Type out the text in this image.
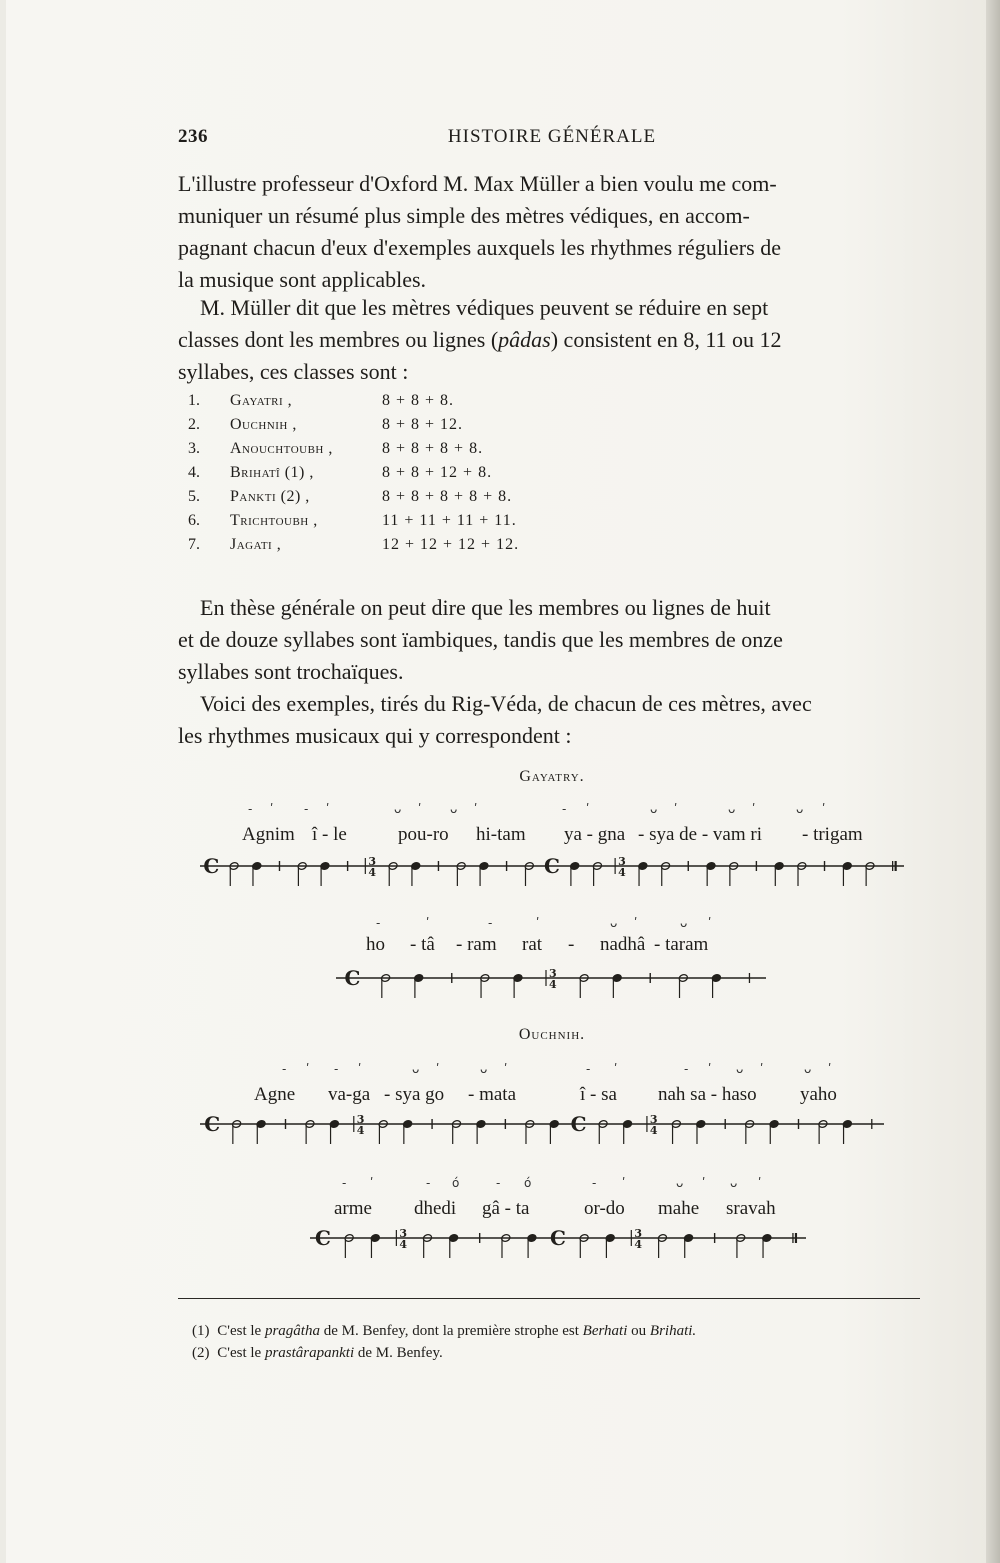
236	HISTOIRE GÉNÉRALE

L'illustre professeur d'Oxford M. Max Müller a bien voulu me com-
muniquer un résumé plus simple des mètres védiques, en accom-
pagnant chacun d'eux d'exemples auxquels les rhythmes réguliers de
la musique sont applicables.

M. Müller dit que les mètres védiques peuvent se réduire en sept
classes dont les membres ou lignes (pâdas) consistent en 8, 11 ou 12
syllabes, ces classes sont :

1. Gayatri ,	8 + 8 + 8.
2. Ouchnih ,	8 + 8 + 12.
3. Anouchtoubh ,	8 + 8 + 8 + 8.
4. Brihatî (1) ,	8 + 8 + 12 + 8.
5. Pankti (2) ,	8 + 8 + 8 + 8 + 8.
6. Trichtoubh ,	11 + 11 + 11 + 11.
7. Jagati ,	12 + 12 + 12 + 12.

En thèse générale on peut dire que les membres ou lignes de huit
et de douze syllabes sont ïambiques, tandis que les membres de onze
syllabes sont trochaïques.

Voici des exemples, tirés du Rig-Véda, de chacun de ces mètres, avec
les rhythmes musicaux qui y correspondent :

Gayatry.

- ʹ	- ʹ

	ᴗ ʹ ᴗ ʹ

	- ʹ	ᴗ ʹ

	ᴗ ʹ	ᴗ ʹ

Agnim î - le	pou-ro hi-tam ya - gna - sya de - vam ri - trigam
C	3
4	C	3
4

-	ʹ	-	ʹ

	ᴗ ʹ	ᴗ ʹ

ho - tâ - ram rat - nadhâ - taram
C	3
4
Ouchnih.

- ʹ - ʹ

	ᴗ ʹ	ᴗ ʹ

	- ʹ	- ʹ

ᴗ ʹ	ᴗ ʹ

Agne va-ga - sya go - mata	î - sa nah sa - haso yaho
C	3
4	C	3
4

- ʹ	- ό

	- ό	- ʹ

	ᴗ ʹ ᴗ ʹ

arme dhedi gâ - ta	or-do mahe sravah
C	3
4	C	3
4
(1) C'est le pragâtha de M. Benfey, dont la première strophe est Berhati ou Brihati.
(2) C'est le prastârapankti de M. Benfey.
